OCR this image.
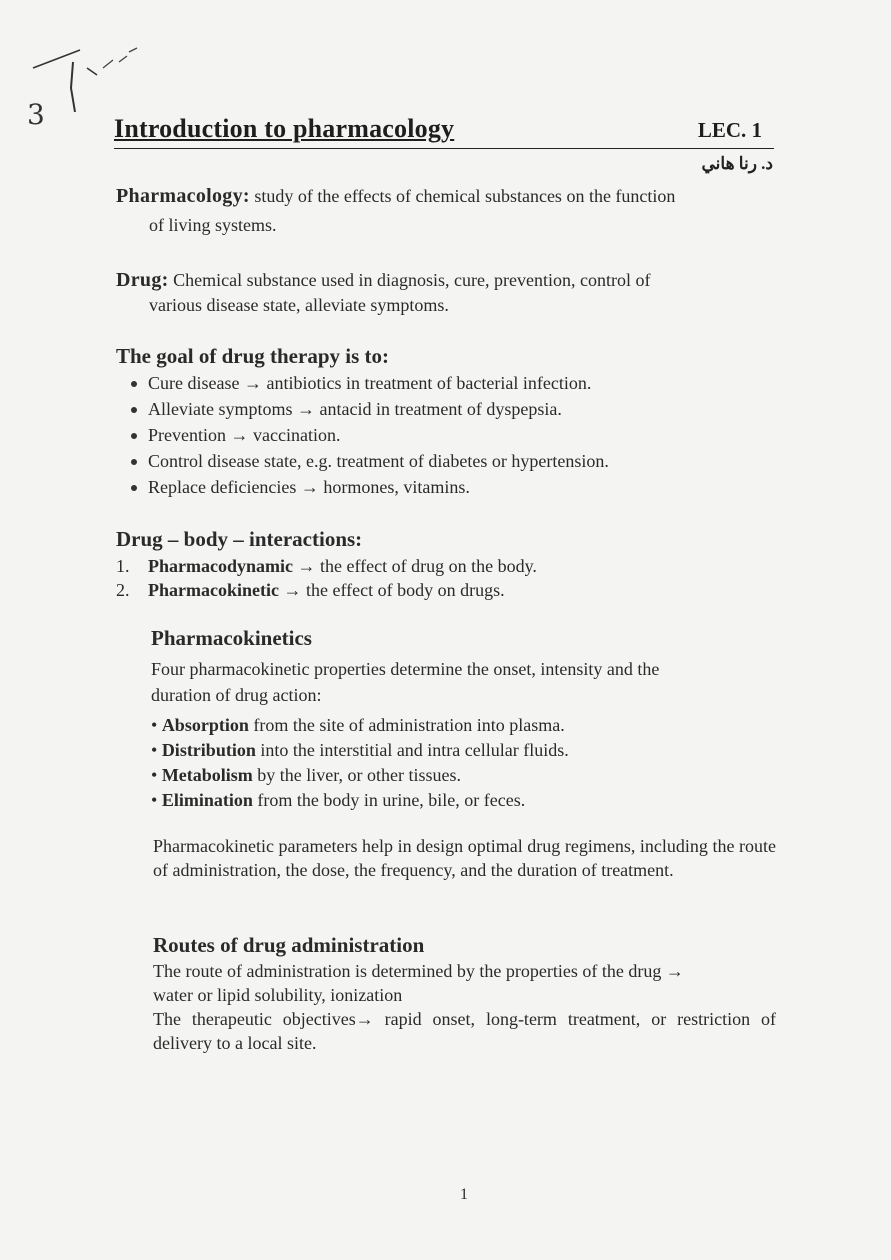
3	Introduction to pharmacology	LEC. 1
د. رنا هاني
Pharmacology: study of the effects of chemical substances on the function
of living systems.
Drug: Chemical substance used in diagnosis, cure, prevention, control of
various disease state, alleviate symptoms.
The goal of drug therapy is to:
Cure disease → antibiotics in treatment of bacterial infection.
Alleviate symptoms → antacid in treatment of dyspepsia.
Prevention → vaccination.
Control disease state, e.g. treatment of diabetes or hypertension.
Replace deficiencies → hormones, vitamins.
Drug – body – interactions:
1. Pharmacodynamic → the effect of drug on the body.
2. Pharmacokinetic → the effect of body on drugs.
Pharmacokinetics
Four pharmacokinetic properties determine the onset, intensity and the
duration of drug action:
• Absorption from the site of administration into plasma.
• Distribution into the interstitial and intra cellular fluids.
• Metabolism by the liver, or other tissues.
• Elimination from the body in urine, bile, or feces.
Pharmacokinetic parameters help in design optimal drug regimens, including the route of administration, the dose, the frequency, and the duration of treatment.
Routes of drug administration
The route of administration is determined by the properties of the drug →
water or lipid solubility, ionization
The therapeutic objectives→ rapid onset, long-term treatment, or restriction of delivery to a local site.
1
